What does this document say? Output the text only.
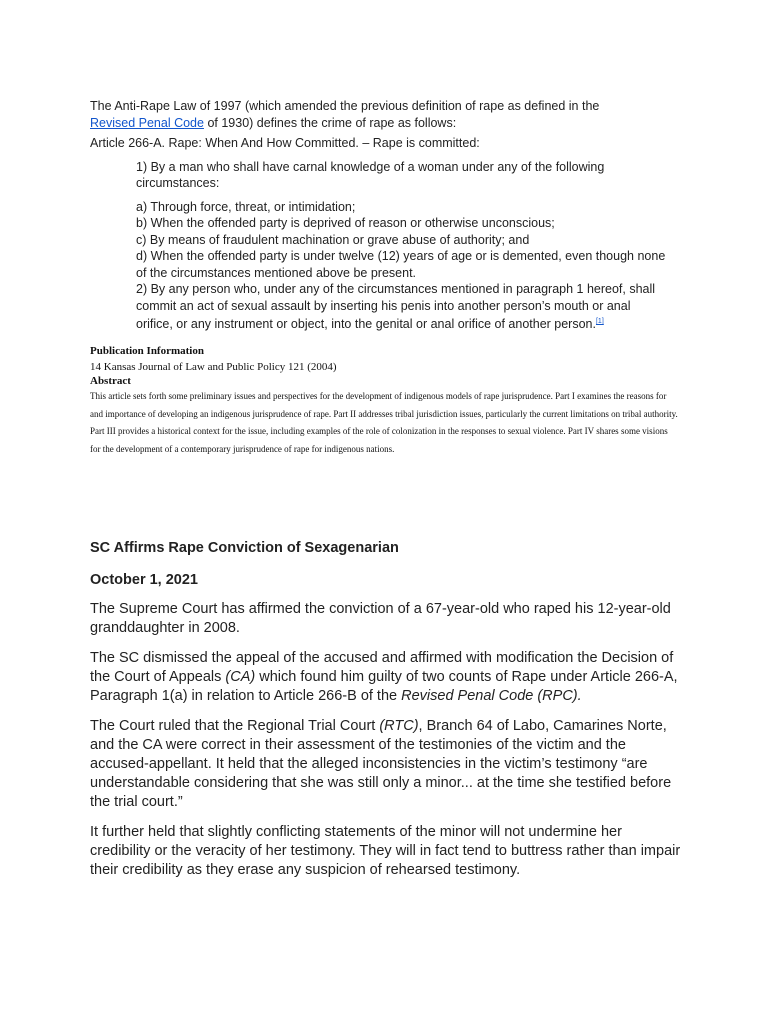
The Anti-Rape Law of 1997 (which amended the previous definition of rape as defined in the Revised Penal Code of 1930) defines the crime of rape as follows:

Article 266-A. Rape: When And How Committed. – Rape is committed:

1) By a man who shall have carnal knowledge of a woman under any of the following circumstances:

a) Through force, threat, or intimidation;
b) When the offended party is deprived of reason or otherwise unconscious;
c) By means of fraudulent machination or grave abuse of authority; and
d) When the offended party is under twelve (12) years of age or is demented, even though none of the circumstances mentioned above be present.

2) By any person who, under any of the circumstances mentioned in paragraph 1 hereof, shall commit an act of sexual assault by inserting his penis into another person’s mouth or anal orifice, or any instrument or object, into the genital or anal orifice of another person.[1]

Publication Information

14 Kansas Journal of Law and Public Policy 121 (2004)

Abstract

This article sets forth some preliminary issues and perspectives for the development of indigenous models of rape jurisprudence. Part I examines the reasons for and importance of developing an indigenous jurisprudence of rape. Part II addresses tribal jurisdiction issues, particularly the current limitations on tribal authority. Part III provides a historical context for the issue, including examples of the role of colonization in the responses to sexual violence. Part IV shares some visions for the development of a contemporary jurisprudence of rape for indigenous nations.

SC Affirms Rape Conviction of Sexagenarian

October 1, 2021

The Supreme Court has affirmed the conviction of a 67-year-old who raped his 12-year-old granddaughter in 2008.

The SC dismissed the appeal of the accused and affirmed with modification the Decision of the Court of Appeals (CA) which found him guilty of two counts of Rape under Article 266-A, Paragraph 1(a) in relation to Article 266-B of the Revised Penal Code (RPC).

The Court ruled that the Regional Trial Court (RTC), Branch 64 of Labo, Camarines Norte, and the CA were correct in their assessment of the testimonies of the victim and the accused-appellant. It held that the alleged inconsistencies in the victim’s testimony “are understandable considering that she was still only a minor... at the time she testified before the trial court.”

It further held that slightly conflicting statements of the minor will not undermine her credibility or the veracity of her testimony. They will in fact tend to buttress rather than impair their credibility as they erase any suspicion of rehearsed testimony.
